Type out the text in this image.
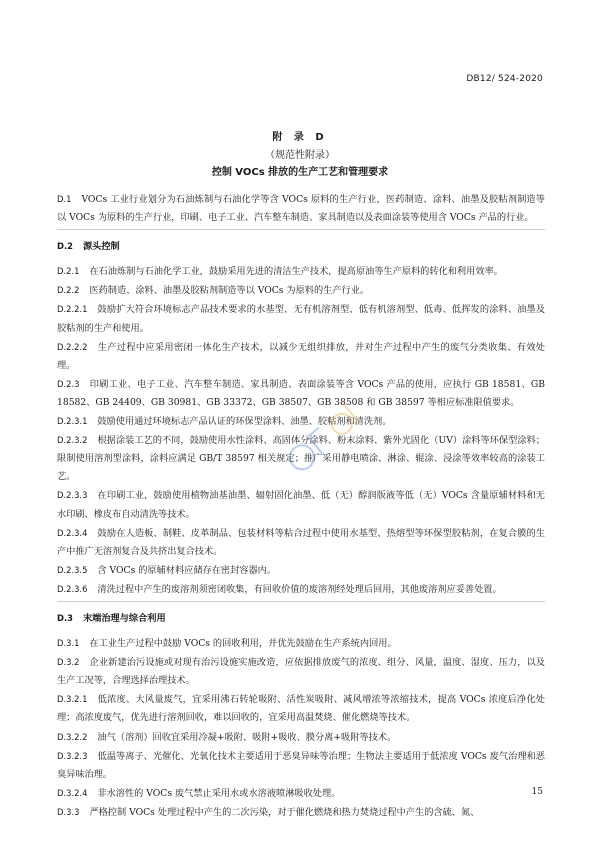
DB12/ 524-2020
附 录 D
（规范性附录）
控制 VOCs 排放的生产工艺和管理要求

D.1 VOCs 工业行业划分为石油炼制与石油化学等含 VOCs 原料的生产行业，医药制造、涂料、油墨及胶粘剂制造等以 VOCs 为原料的生产行业，印刷、电子工业、汽车整车制造、家具制造以及表面涂装等使用含 VOCs 产品的行业。

D.2 源头控制

D.2.1 在石油炼制与石油化学工业，鼓励采用先进的清洁生产技术，提高原油等生产原料的转化和利用效率。

D.2.2 医药制造、涂料、油墨及胶粘剂制造等以 VOCs 为原料的生产行业。

D.2.2.1 鼓励扩大符合环境标志产品技术要求的水基型、无有机溶剂型、低有机溶剂型、低毒、低挥发的涂料、油墨及胶粘剂的生产和使用。

D.2.2.2 生产过程中应采用密闭一体化生产技术，以减少无组织排放，并对生产过程中产生的废气分类收集、有效处理。

D.2.3 印刷工业、电子工业、汽车整车制造、家具制造、表面涂装等含 VOCs 产品的使用，应执行 GB 18581、GB 18582、GB 24409、GB 30981、GB 33372、GB 38507、GB 38508 和 GB 38597 等相应标准限值要求。

D.2.3.1 鼓励使用通过环境标志产品认证的环保型涂料、油墨、胶粘剂和清洗剂。

D.2.3.2 根据涂装工艺的不同，鼓励使用水性涂料、高固体分涂料、粉末涂料、紫外光固化（UV）涂料等环保型涂料；限制使用溶剂型涂料，涂料应满足 GB/T 38597 相关规定；推广采用静电喷涂、淋涂、辊涂、浸涂等效率较高的涂装工艺。

D.2.3.3 在印刷工业，鼓励使用植物油基油墨、辐射固化油墨、低（无）醇润版液等低（无）VOCs 含量原辅材料和无水印刷、橡皮布自动清洗等技术。

D.2.3.4 鼓励在人造板、制鞋、皮革制品、包装材料等粘合过程中使用水基型、热熔型等环保型胶粘剂，在复合膜的生产中推广无溶剂复合及共挤出复合技术。

D.2.3.5 含 VOCs 的原辅材料应储存在密封容器内。

D.2.3.6 清洗过程中产生的废溶剂须密闭收集，有回收价值的废溶剂经处理后回用，其他废溶剂应妥善处置。

D.3 末端治理与综合利用

D.3.1 在工业生产过程中鼓励 VOCs 的回收利用，并优先鼓励在生产系统内回用。

D.3.2 企业新建治污设施或对现有治污设施实施改造，应依据排放废气的浓度、组分、风量，温度、湿度、压力，以及生产工况等，合理选择治理技术。

D.3.2.1 低浓度、大风量废气，宜采用沸石转轮吸附、活性炭吸附、减风增浓等浓缩技术，提高 VOCs 浓度后净化处理；高浓度废气，优先进行溶剂回收，难以回收的，宜采用高温焚烧、催化燃烧等技术。

D.3.2.2 油气（溶剂）回收宜采用冷凝+吸附、吸附+吸收、膜分离+吸附等技术。

D.3.2.3 低温等离子、光催化、光氧化技术主要适用于恶臭异味等治理；生物法主要适用于低浓度 VOCs 废气治理和恶臭异味治理。

D.3.2.4 非水溶性的 VOCs 废气禁止采用水或水溶液喷淋吸收处理。

D.3.3 严格控制 VOCs 处理过程中产生的二次污染，对于催化燃烧和热力焚烧过程中产生的含硫、氮、

15
